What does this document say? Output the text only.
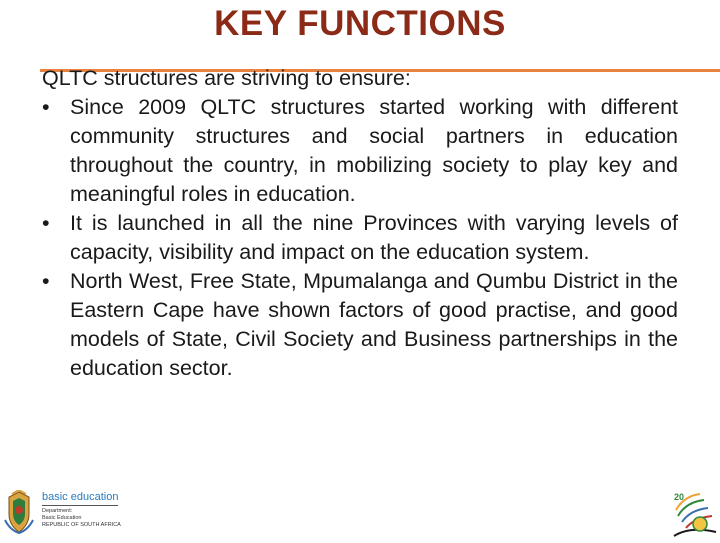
KEY FUNCTIONS

QLTC structures are striving to ensure:

• Since 2009 QLTC structures started working with different community structures and social partners in education throughout the country, in mobilizing society to play key and meaningful roles in education.
• It is launched in all the nine Provinces with varying levels of capacity, visibility and impact on the education system.
• North West, Free State, Mpumalanga and Qumbu District in the Eastern Cape have shown factors of good practise, and good models of State, Civil Society and Business partnerships in the education sector.
basic education
Department:
Basic Education
REPUBLIC OF SOUTH AFRICA
20
